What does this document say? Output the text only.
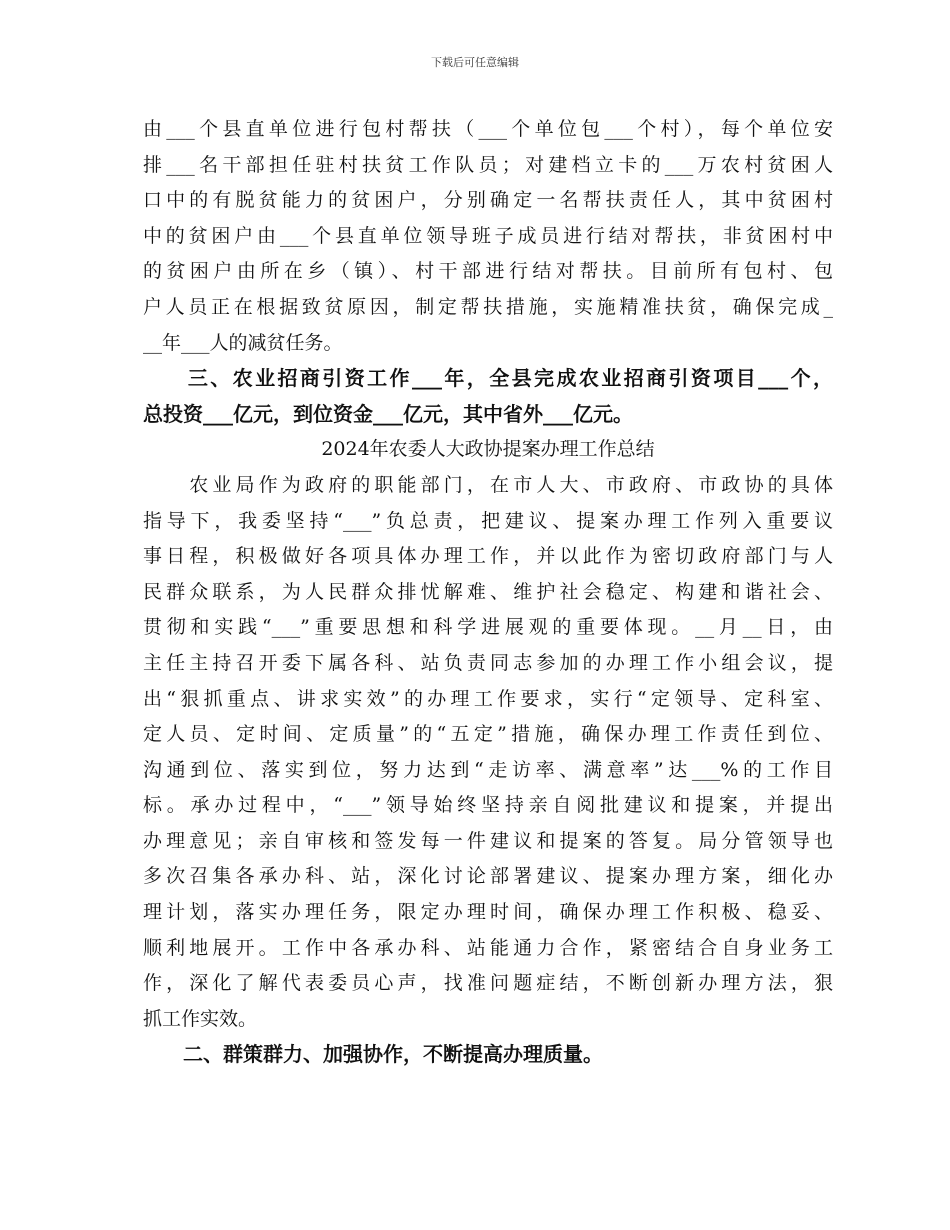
下载后可任意编辑
由___个县直单位进行包村帮扶（___个单位包___个村），每个单位安
排___名干部担任驻村扶贫工作队员；对建档立卡的___万农村贫困人
口中的有脱贫能力的贫困户，分别确定一名帮扶责任人，其中贫困村
中的贫困户由___个县直单位领导班子成员进行结对帮扶，非贫困村中
的贫困户由所在乡（镇）、村干部进行结对帮扶。目前所有包村、包
户人员正在根据致贫原因，制定帮扶措施，实施精准扶贫，确保完成_
__年___人的减贫任务。
　　三、农业招商引资工作___年，全县完成农业招商引资项目___个，
总投资___亿元，到位资金___亿元，其中省外___亿元。
2024年农委人大政协提案办理工作总结
　　农业局作为政府的职能部门，在市人大、市政府、市政协的具体
指导下，我委坚持“___”负总责，把建议、提案办理工作列入重要议
事日程，积极做好各项具体办理工作，并以此作为密切政府部门与人
民群众联系，为人民群众排忧解难、维护社会稳定、构建和谐社会、
贯彻和实践“___”重要思想和科学进展观的重要体现。__月__日，由
主任主持召开委下属各科、站负责同志参加的办理工作小组会议，提
出“狠抓重点、讲求实效”的办理工作要求，实行“定领导、定科室、
定人员、定时间、定质量”的“五定”措施，确保办理工作责任到位、
沟通到位、落实到位，努力达到“走访率、满意率”达___%的工作目
标。承办过程中，“___”领导始终坚持亲自阅批建议和提案，并提出
办理意见；亲自审核和签发每一件建议和提案的答复。局分管领导也
多次召集各承办科、站，深化讨论部署建议、提案办理方案，细化办
理计划，落实办理任务，限定办理时间，确保办理工作积极、稳妥、
顺利地展开。工作中各承办科、站能通力合作，紧密结合自身业务工
作，深化了解代表委员心声，找准问题症结，不断创新办理方法，狠
抓工作实效。
　　二、群策群力、加强协作，不断提高办理质量。
